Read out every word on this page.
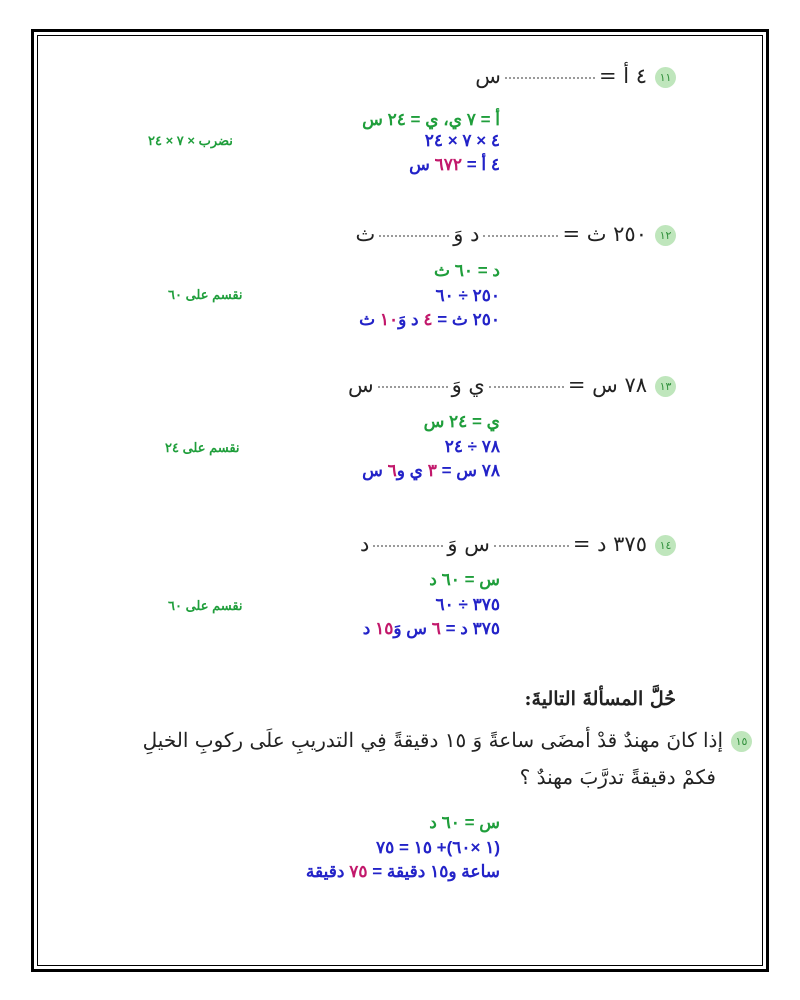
١١٤ أ =س
أ = ٧ ي، ي = ٢٤ س
نضرب × ٧ × ٢٤	٤ × ٧ × ٢٤
٤ أ = ٦٧٢ س
١٢٢٥٠ ث =د وَث
د = ٦٠ ث
نقسم على ٦٠	٢٥٠ ÷ ٦٠
٢٥٠ ث = ٤ د وَ١٠ ث
١٣٧٨ س =ي وَس
ي = ٢٤ س
نقسم على ٢٤	٧٨ ÷ ٢٤
٧٨ س = ٣ ي و٦ س
١٤٣٧٥ د =س وَد
س = ٦٠ د
نقسم على ٦٠	٣٧٥ ÷ ٦٠
٣٧٥ د = ٦ س وَ١٥ د
حُلَّ المسألةَ التاليةَ:
١٥إذا كانَ مهندٌ قدْ أمضَى ساعةً وَ ١٥ دقيقةً فِي التدريبِ علَى ركوبِ الخيلِ
فكمْ دقيقةً تدرَّبَ مهندٌ ؟
س = ٦٠ د
(١ ×٦٠)+ ١٥ = ٧٥
ساعة و١٥ دقيقة = ٧٥ دقيقة
